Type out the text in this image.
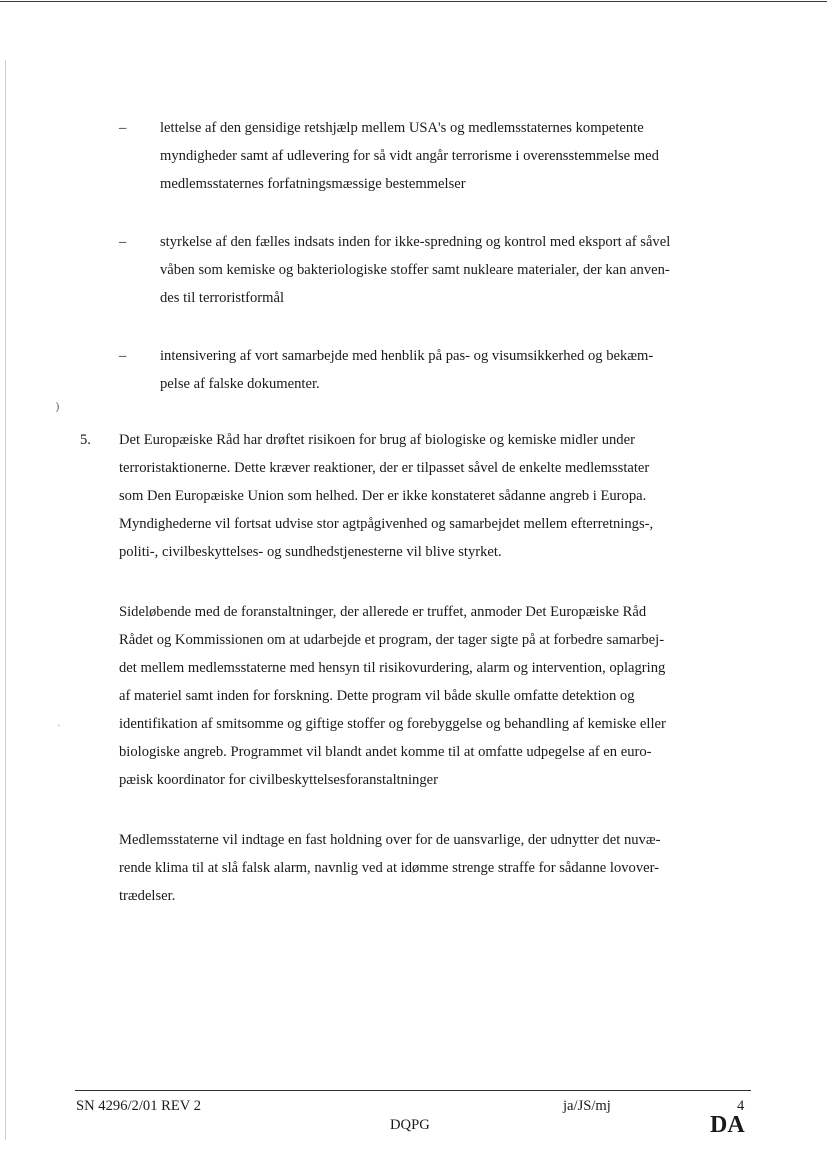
⁾
ˋ
– lettelse af den gensidige retshjælp mellem USA's og medlemsstaternes kompetente
myndigheder samt af udlevering for så vidt angår terrorisme i overensstemmelse med
medlemsstaternes forfatningsmæssige bestemmelser
– styrkelse af den fælles indsats inden for ikke-spredning og kontrol med eksport af såvel
våben som kemiske og bakteriologiske stoffer samt nukleare materialer, der kan anven-
des til terroristformål
– intensivering af vort samarbejde med henblik på pas- og visumsikkerhed og bekæm-
pelse af falske dokumenter.
5. Det Europæiske Råd har drøftet risikoen for brug af biologiske og kemiske midler under
terroristaktionerne. Dette kræver reaktioner, der er tilpasset såvel de enkelte medlemsstater
som Den Europæiske Union som helhed. Der er ikke konstateret sådanne angreb i Europa.
Myndighederne vil fortsat udvise stor agtpågivenhed og samarbejdet mellem efterretnings-,
politi-, civilbeskyttelses- og sundhedstjenesterne vil blive styrket.
Sideløbende med de foranstaltninger, der allerede er truffet, anmoder Det Europæiske Råd
Rådet og Kommissionen om at udarbejde et program, der tager sigte på at forbedre samarbej-
det mellem medlemsstaterne med hensyn til risikovurdering, alarm og intervention, oplagring
af materiel samt inden for forskning. Dette program vil både skulle omfatte detektion og
identifikation af smitsomme og giftige stoffer og forebyggelse og behandling af kemiske eller
biologiske angreb. Programmet vil blandt andet komme til at omfatte udpegelse af en euro-
pæisk koordinator for civilbeskyttelsesforanstaltninger
Medlemsstaterne vil indtage en fast holdning over for de uansvarlige, der udnytter det nuvæ-
rende klima til at slå falsk alarm, navnlig ved at idømme strenge straffe for sådanne lovover-
trædelser.
SN 4296/2/01 REV 2
DQPG
ja/JS/mj	4
DA
